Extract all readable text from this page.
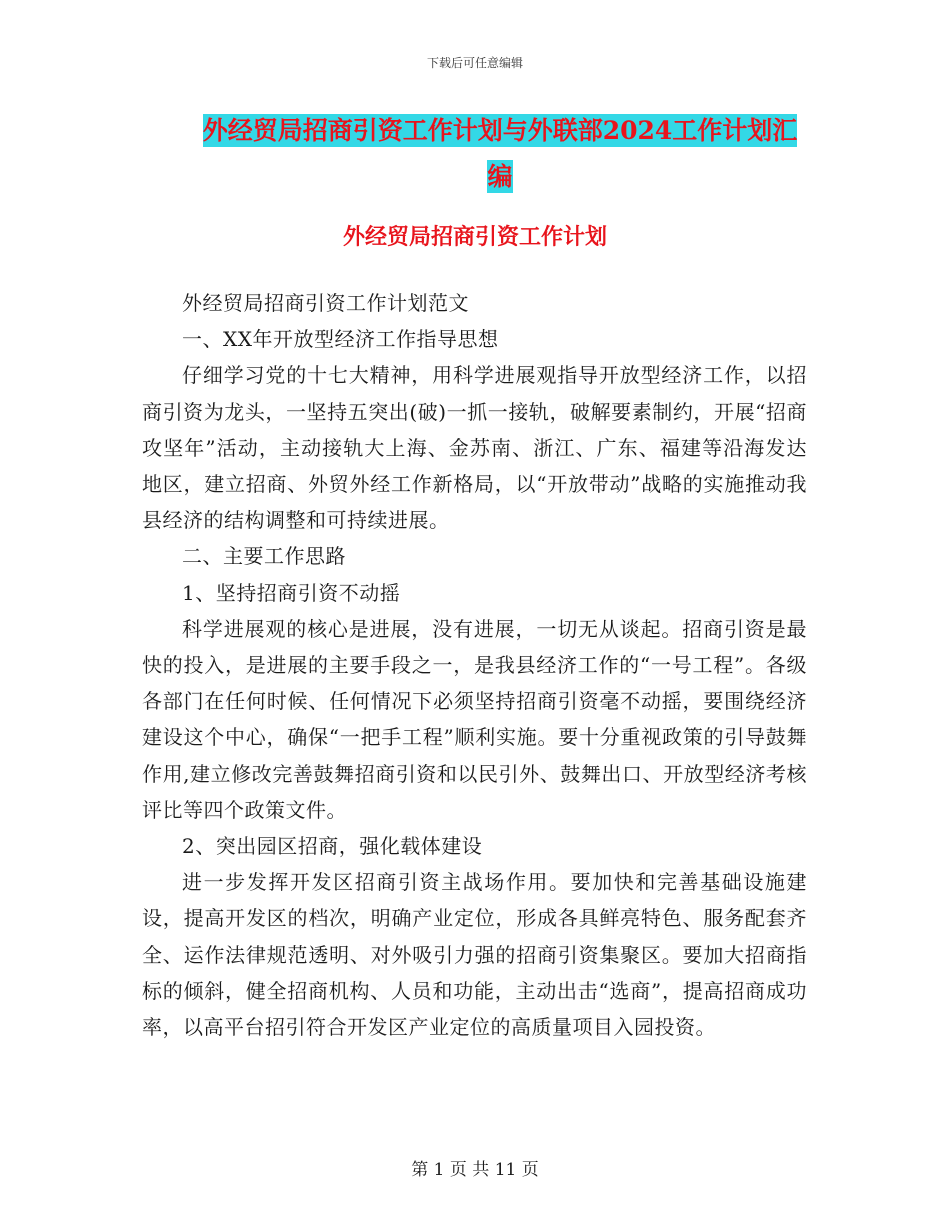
下载后可任意编辑
外经贸局招商引资工作计划与外联部2024工作计划汇
编
外经贸局招商引资工作计划

外经贸局招商引资工作计划范文

一、XX年开放型经济工作指导思想

仔细学习党的十七大精神，用科学进展观指导开放型经济工作，以招商引资为龙头，一坚持五突出(破)一抓一接轨，破解要素制约，开展“招商攻坚年”活动，主动接轨大上海、金苏南、浙江、广东、福建等沿海发达地区，建立招商、外贸外经工作新格局，以“开放带动”战略的实施推动我县经济的结构调整和可持续进展。

二、主要工作思路

1、坚持招商引资不动摇

科学进展观的核心是进展，没有进展，一切无从谈起。招商引资是最快的投入，是进展的主要手段之一，是我县经济工作的“一号工程”。各级各部门在任何时候、任何情况下必须坚持招商引资毫不动摇，要围绕经济建设这个中心，确保“一把手工程”顺利实施。要十分重视政策的引导鼓舞作用,建立修改完善鼓舞招商引资和以民引外、鼓舞出口、开放型经济考核评比等四个政策文件。

2、突出园区招商，强化载体建设

进一步发挥开发区招商引资主战场作用。要加快和完善基础设施建设，提高开发区的档次，明确产业定位，形成各具鲜亮特色、服务配套齐全、运作法律规范透明、对外吸引力强的招商引资集聚区。要加大招商指标的倾斜，健全招商机构、人员和功能，主动出击“选商”，提高招商成功率，以高平台招引符合开发区产业定位的高质量项目入园投资。

第 1 页 共 11 页
